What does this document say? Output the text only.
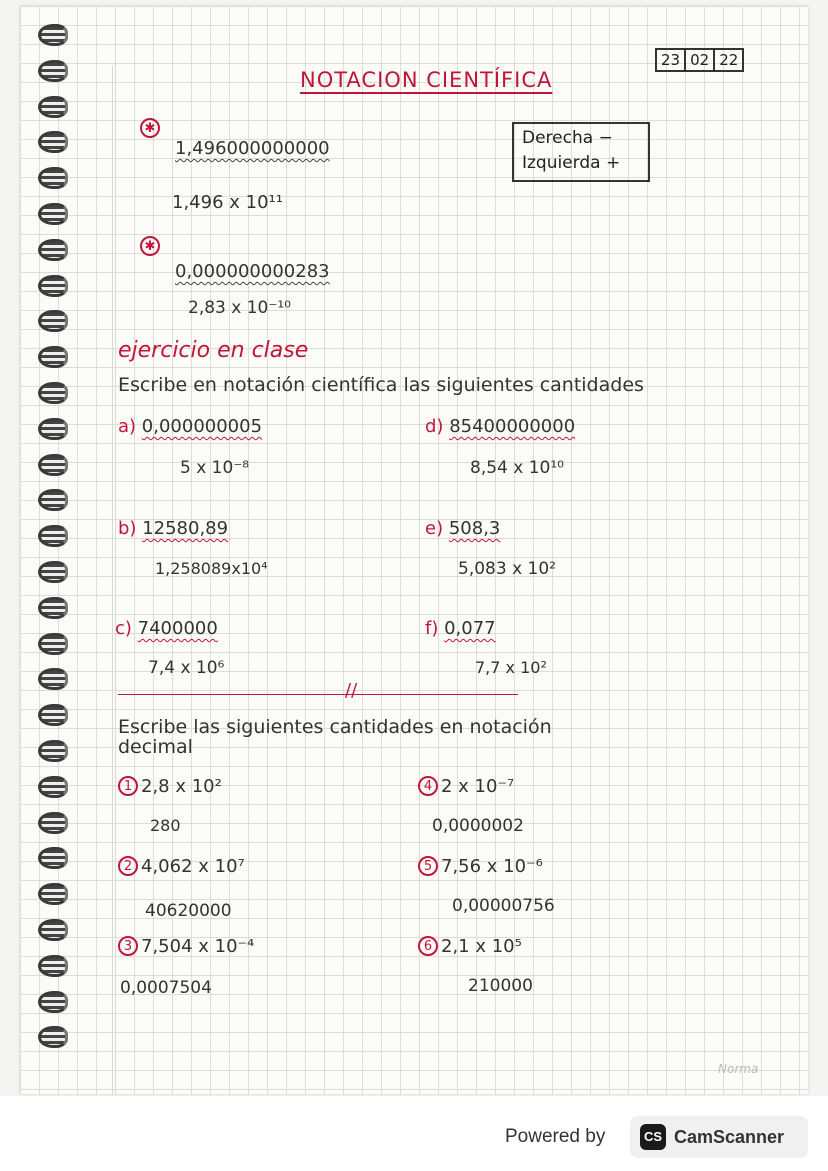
23 02 22
NOTACION CIENTÍFICA
✱
1,496000000000
1,496 x 10¹¹
Derecha −
Izquierda +
✱
0,000000000283
2,83 x 10⁻¹⁰
ejercicio en clase
Escribe en notación científica las siguientes cantidades
a) 0,000000005
5 x 10⁻⁸
b) 12580,89
1,258089x10⁴
c) 7400000
7,4 x 10⁶
d) 85400000000
8,54 x 10¹⁰
e) 508,3
5,083 x 10²
f) 0,077
7,7 x 10²
//
Escribe las siguientes cantidades en notación
decimal
1 2,8 x 10²
280
2 4,062 x 10⁷
40620000
3 7,504 x 10⁻⁴
0,0007504
4 2 x 10⁻⁷
0,0000002
5 7,56 x 10⁻⁶
0,00000756
6 2,1 x 10⁵
210000
Norma
Powered by	CS CamScanner
